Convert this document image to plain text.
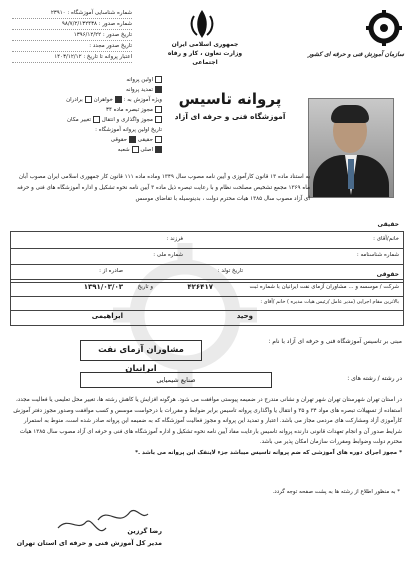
سازمان آموزش فنی و حرفه ای کشور
جمهوری اسلامی ایران
وزارت تعاون ، کار و رفاه اجتماعی
شماره شناسایی آموزشگاه : ۲۳۹۱۰
شماره صدور : ۹۸/۷/۲/۱۳۲۴۳۸
تاریخ صدور : ۱۳۹۶/۱۲/۲۲
تاریخ صدور مجدد :
اعتبار پروانه تا تاریخ : ۱۴۰۳/۱۲/۱۲
اولین پروانه
تمدید پروانه
ویژه آموزش به : خواهران برادران
مجوز تبصره ماده ۳۴
مجوز واگذاری و انتقال تغییر مکان
تاریخ اولین پروانه آموزشگاه :
حقیقی حقوقی
اصلی شعبه
پروانه تاسیس
آموزشگاه فنی و حرفه ای آزاد
به استناد ماده ۱۳ قانون کارآموزی و آیین نامه مصوب سال ۱۳۴۹ وماده ماده ۱۱۱ قانون کار جمهوری اسلامی ایران مصوب آبان ماه ۱۳۶۹ مجمع تشخیص مصلحت نظام و با رعایت تبصره ذیل ماده ۳ آیین نامه نحوه تشکیل و اداره آموزشگاه های فنی و حرفه ای آزاد مصوب سال ۱۳۸۵ هیات محترم دولت ، بدینوسیله با تقاضای موسس
حقیقی
خانم/آقای :
فرزند :
شماره شناسنامه :
شماره ملی :
تاریخ تولد :
صادره از :	حقوقی
شرکت / موسسه و ... مشاوران آزمای نفت ایرانیان با شماره ثبت
۴۲۶۴۱۷
و تاریخ
۱۳۹۱/۰۳/۰۳
بالاترین مقام اجرایی (مدیر عامل /رئیس هیات مدیره ) خانم /آقای :
وحید
ابراهیمی
مبنی بر تاسیس آموزشگاه فنی و حرفه ای آزاد با نام :
مشاوران آزمای نفت ایرانیان
در رشته / رشته های :
صنایع شیمیایی
در استان تهران شهرستان تهران شهر تهران و نشانی مندرج در ضمیمه پیوستی موافقت می شود. هرگونه افزایش یا کاهش رشته ها، تغییر محل تعلیمی یا فعالیت مجدد، استفاده از تسهیلات تبصره های مواد ۳۴ و ۳۵ و انتقال یا واگذاری پروانه تاسیس برابر ضوابط و مقررات با درخواست موسس و کسب موافقت وصدور مجوز دفتر آموزش کارآموزی آزاد ومشارکت های مردمی مجاز می باشد. اعتبار و تمدید این پروانه و مجوز فعالیت آموزشگاه که به ضمیمه این پروانه صادر شده است، منوط به استمرار شرایط صدور آن و انجام تعهدات قانونی دارنده پروانه تاسیس بارعایت مفاد آیین نامه نحوه تشکیل و اداره آموزشگاه های فنی و حرفه ای آزاد مصوب سال ۱۳۸۵ هیات محترم دولت وضوابط ومقررات سازمان امکان پذیر می باشد.
* مجوز اجرای دوره های آموزشی که ضم پروانه تاسیس میباشد جزء لاینفک این پروانه می باشد .*
* به منظور اطلاع از رشته ها به پشت صفحه توجه گردد.
رضا گرزین
مدیر کل آموزش فنی و حرفه ای استان تهران
